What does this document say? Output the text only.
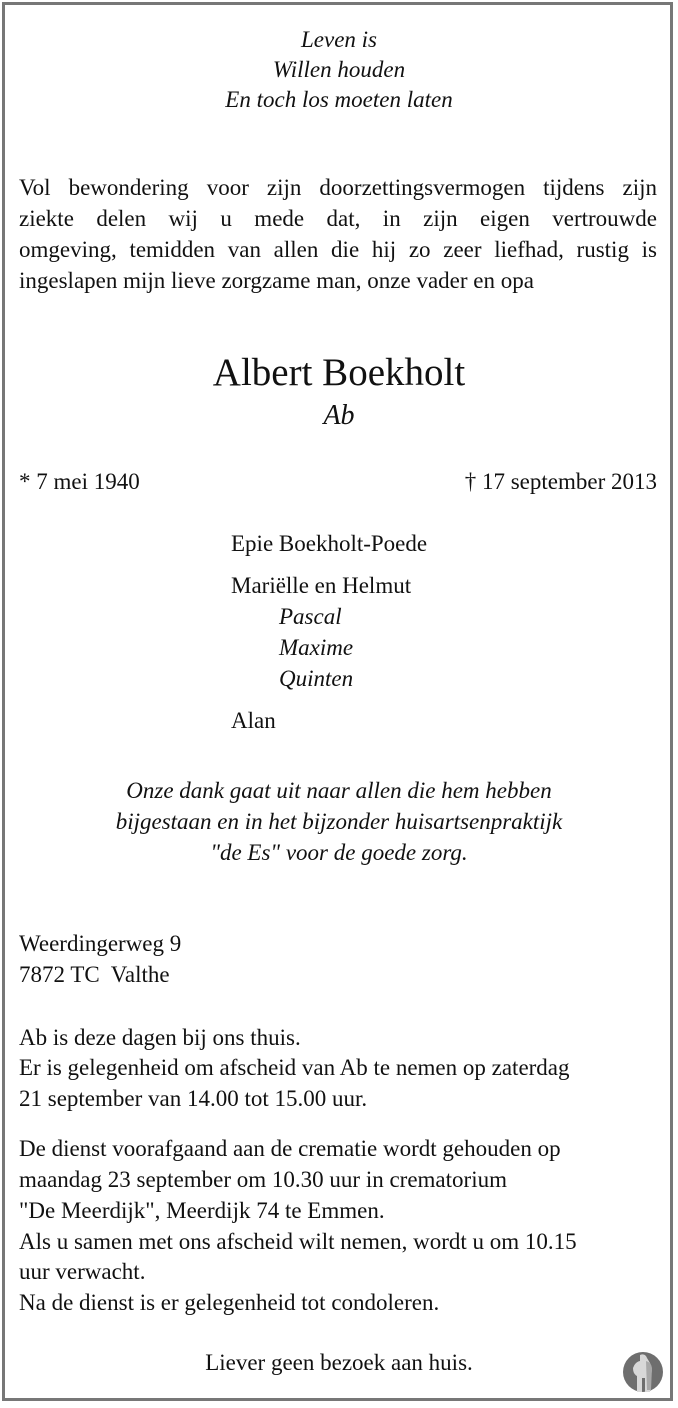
Leven is
Willen houden
En toch los moeten laten
Vol bewondering voor zijn doorzettingsvermogen tijdens zijn
ziekte delen wij u mede dat, in zijn eigen vertrouwde
omgeving, temidden van allen die hij zo zeer liefhad, rustig is
ingeslapen mijn lieve zorgzame man, onze vader en opa
Albert Boekholt
Ab
* 7 mei 1940	† 17 september 2013
Epie Boekholt-Poede
Mariëlle en Helmut
Pascal
Maxime
Quinten
Alan
Onze dank gaat uit naar allen die hem hebben
bijgestaan en in het bijzonder huisartsenpraktijk
"de Es" voor de goede zorg.
Weerdingerweg 9
7872 TC  Valthe
Ab is deze dagen bij ons thuis.
Er is gelegenheid om afscheid van Ab te nemen op zaterdag
21 september van 14.00 tot 15.00 uur.
De dienst voorafgaand aan de crematie wordt gehouden op
maandag 23 september om 10.30 uur in crematorium
"De Meerdijk", Meerdijk 74 te Emmen.
Als u samen met ons afscheid wilt nemen, wordt u om 10.15
uur verwacht.
Na de dienst is er gelegenheid tot condoleren.
Liever geen bezoek aan huis.
